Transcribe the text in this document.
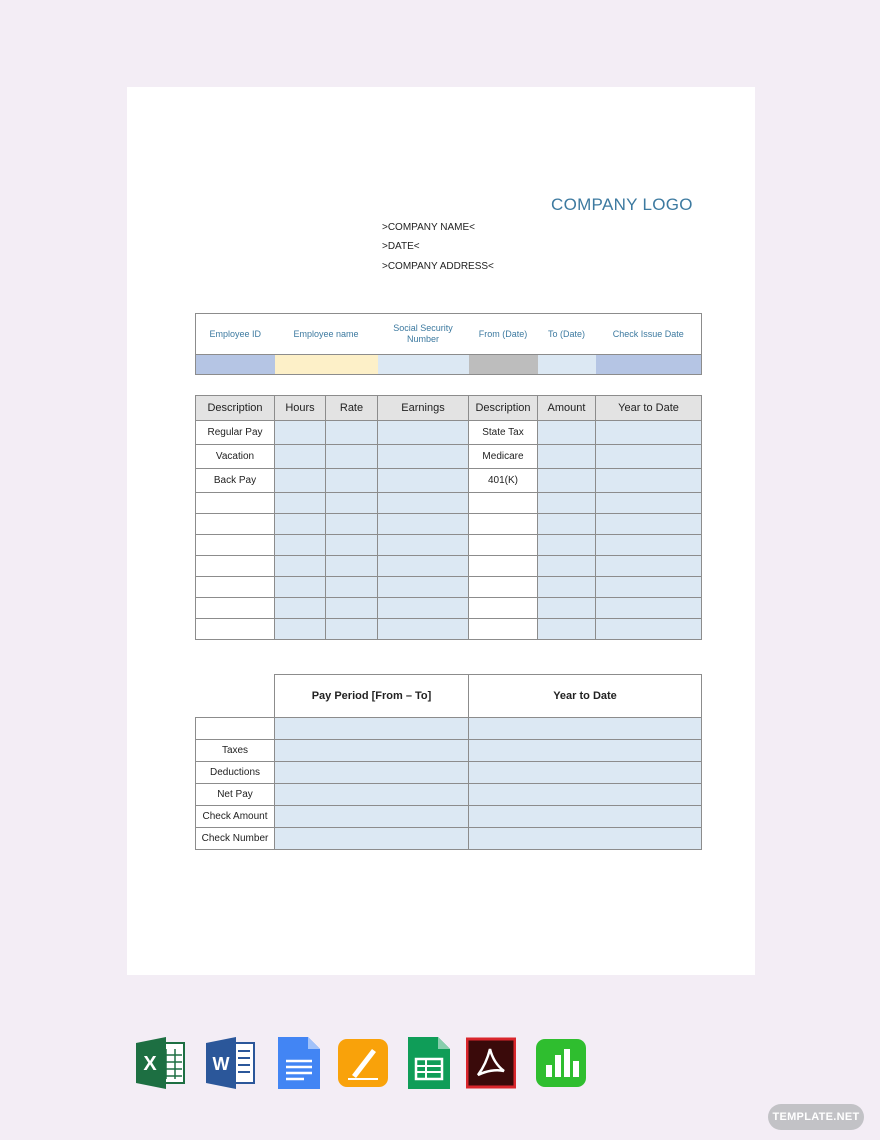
COMPANY LOGO
>COMPANY NAME<
>DATE<
>COMPANY ADDRESS<
Employee ID	Employee name	Social Security Number	From (Date)	To (Date)	Check Issue Date

Description	Hours	Rate	Earnings	Description	Amount	Year to Date
Regular Pay				State Tax		
Vacation				Medicare		
Back Pay				401(K)		

	Pay Period [From – To]	Year to Date

Taxes		
Deductions		
Net Pay		
Check Amount		
Check Number		
X	W
TEMPLATE.NET
